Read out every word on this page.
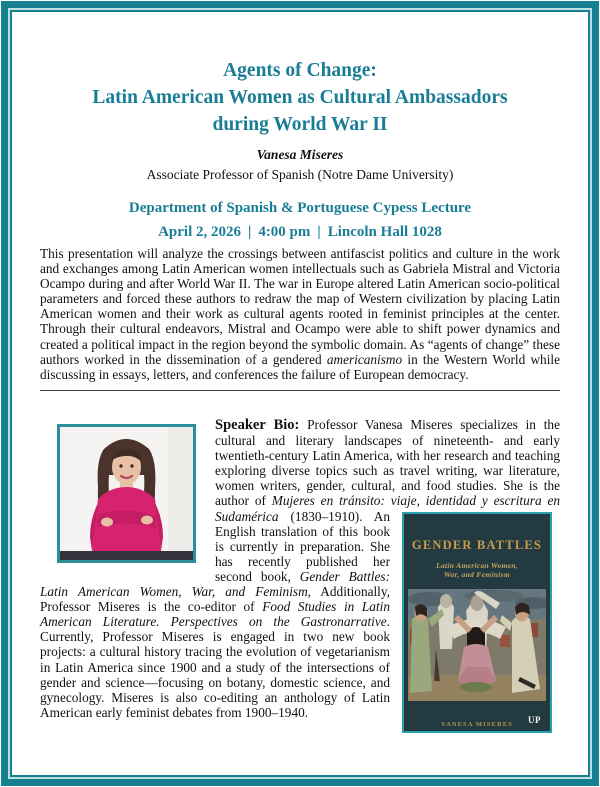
Agents of Change:
Latin American Women as Cultural Ambassadors
during World War II
Vanesa Miseres
Associate Professor of Spanish (Notre Dame University)
Department of Spanish & Portuguese Cypess Lecture
April 2, 2026 | 4:00 pm | Lincoln Hall 1028

This presentation will analyze the crossings between antifascist politics and culture in the work and exchanges among Latin American women intellectuals such as Gabriela Mistral and Victoria Ocampo during and after World War II. The war in Europe altered Latin American socio-political parameters and forced these authors to redraw the map of Western civilization by placing Latin American women and their work as cultural agents rooted in feminist principles at the center. Through their cultural endeavors, Mistral and Ocampo were able to shift power dynamics and created a political impact in the region beyond the symbolic domain. As “agents of change” these authors worked in the dissemination of a gendered americanismo in the Western World while discussing in essays, letters, and conferences the failure of European democracy.

Speaker Bio: Professor Vanesa Miseres specializes in the cultural and literary landscapes of nineteenth- and early twentieth-century Latin America, with her research and teaching exploring diverse topics such as travel writing, war literature, women writers, gender, cultural, and food studies. She is the author of Mujeres en tránsito: viaje, identidad y
GENDER BATTLES
Latin American Women,
War, and Feminism
VANESA MISERES UP
escritura en Sudamérica (1830–1910). An English translation of this book is currently in preparation. She has recently published her second book, Gender Battles: Latin American Women, War, and Feminism, Additionally, Professor Miseres is the co-editor of Food Studies in Latin American Literature. Perspectives on the Gastronarrative. Currently, Professor Miseres is engaged in two new book projects: a cultural history tracing the evolution of vegetarianism in Latin America since 1900 and a study of the intersections of gender and science—focusing on botany, domestic science, and gynecology. Miseres is also co-editing an anthology of Latin American early feminist debates from 1900–1940.
